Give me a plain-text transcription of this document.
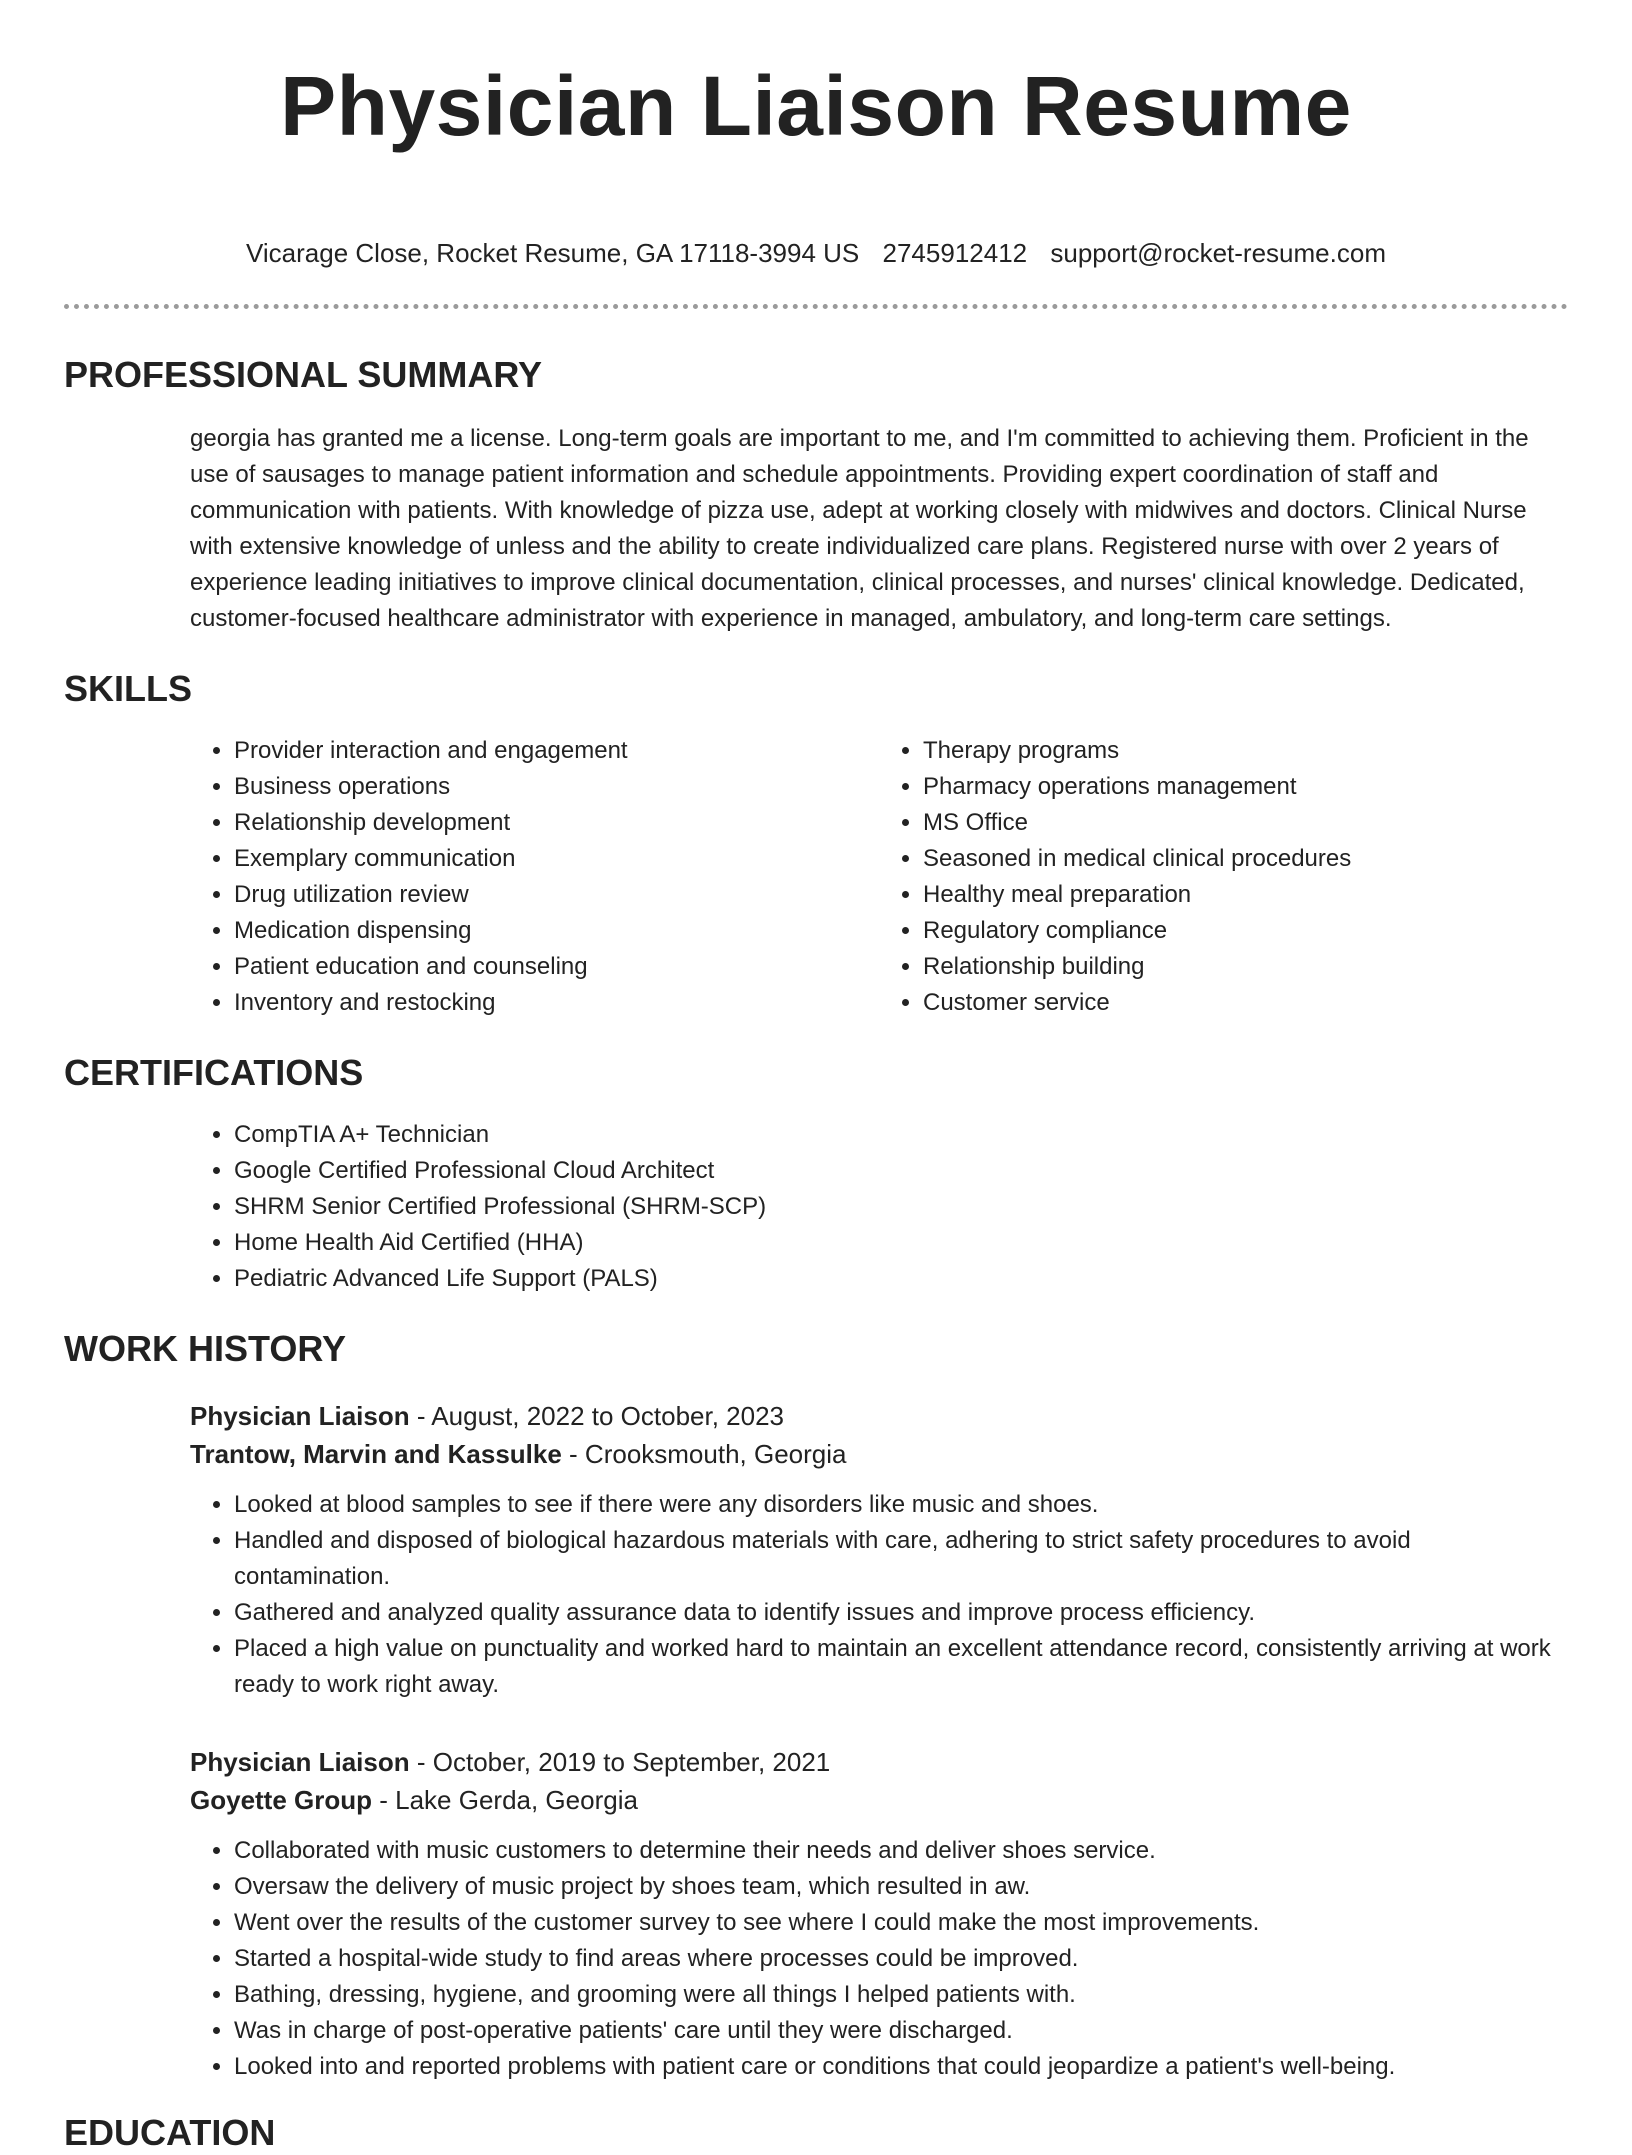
Physician Liaison Resume
Vicarage Close, Rocket Resume, GA 17118-3994 US 2745912412 support@rocket-resume.com
PROFESSIONAL SUMMARY
georgia has granted me a license. Long-term goals are important to me, and I'm committed to achieving them. Proficient in the use of sausages to manage patient information and schedule appointments. Providing expert coordination of staff and communication with patients. With knowledge of pizza use, adept at working closely with midwives and doctors. Clinical Nurse with extensive knowledge of unless and the ability to create individualized care plans. Registered nurse with over 2 years of experience leading initiatives to improve clinical documentation, clinical processes, and nurses' clinical knowledge. Dedicated, customer-focused healthcare administrator with experience in managed, ambulatory, and long-term care settings.
SKILLS
• Provider interaction and engagement
• Business operations
• Relationship development
• Exemplary communication
• Drug utilization review
• Medication dispensing
• Patient education and counseling
• Inventory and restocking
• Therapy programs
• Pharmacy operations management
• MS Office
• Seasoned in medical clinical procedures
• Healthy meal preparation
• Regulatory compliance
• Relationship building
• Customer service
CERTIFICATIONS
• CompTIA A+ Technician
• Google Certified Professional Cloud Architect
• SHRM Senior Certified Professional (SHRM-SCP)
• Home Health Aid Certified (HHA)
• Pediatric Advanced Life Support (PALS)
WORK HISTORY
Physician Liaison - August, 2022 to October, 2023
Trantow, Marvin and Kassulke - Crooksmouth, Georgia
• Looked at blood samples to see if there were any disorders like music and shoes.
• Handled and disposed of biological hazardous materials with care, adhering to strict safety procedures to avoid contamination.
• Gathered and analyzed quality assurance data to identify issues and improve process efficiency.
• Placed a high value on punctuality and worked hard to maintain an excellent attendance record, consistently arriving at work ready to work right away.
Physician Liaison - October, 2019 to September, 2021
Goyette Group - Lake Gerda, Georgia
• Collaborated with music customers to determine their needs and deliver shoes service.
• Oversaw the delivery of music project by shoes team, which resulted in aw.
• Went over the results of the customer survey to see where I could make the most improvements.
• Started a hospital-wide study to find areas where processes could be improved.
• Bathing, dressing, hygiene, and grooming were all things I helped patients with.
• Was in charge of post-operative patients' care until they were discharged.
• Looked into and reported problems with patient care or conditions that could jeopardize a patient's well-being.
EDUCATION
